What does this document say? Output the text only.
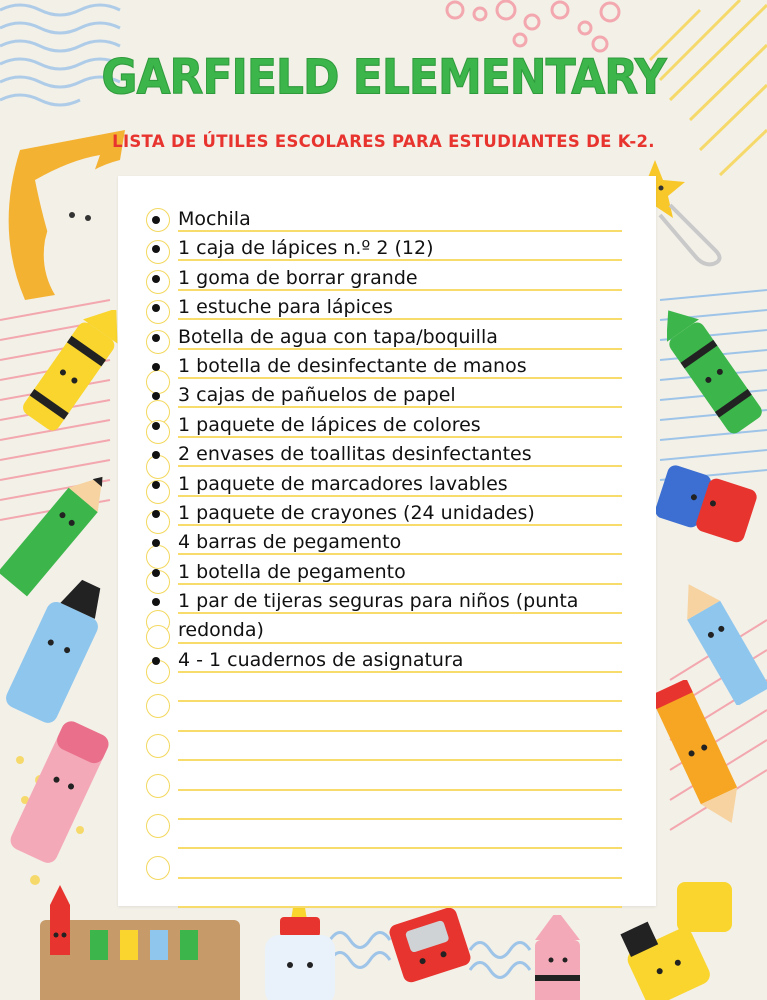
GARFIELD ELEMENTARY
LISTA DE ÚTILES ESCOLARES PARA ESTUDIANTES DE K-2.
Mochila
1 caja de lápices n.º 2 (12)
1 goma de borrar grande
1 estuche para lápices
Botella de agua con tapa/boquilla
1 botella de desinfectante de manos
3 cajas de pañuelos de papel
1 paquete de lápices de colores
2 envases de toallitas desinfectantes
1 paquete de marcadores lavables
1 paquete de crayones (24 unidades)
4 barras de pegamento
1 botella de pegamento
1 par de tijeras seguras para niños (punta redonda)
4 - 1 cuadernos de asignatura
